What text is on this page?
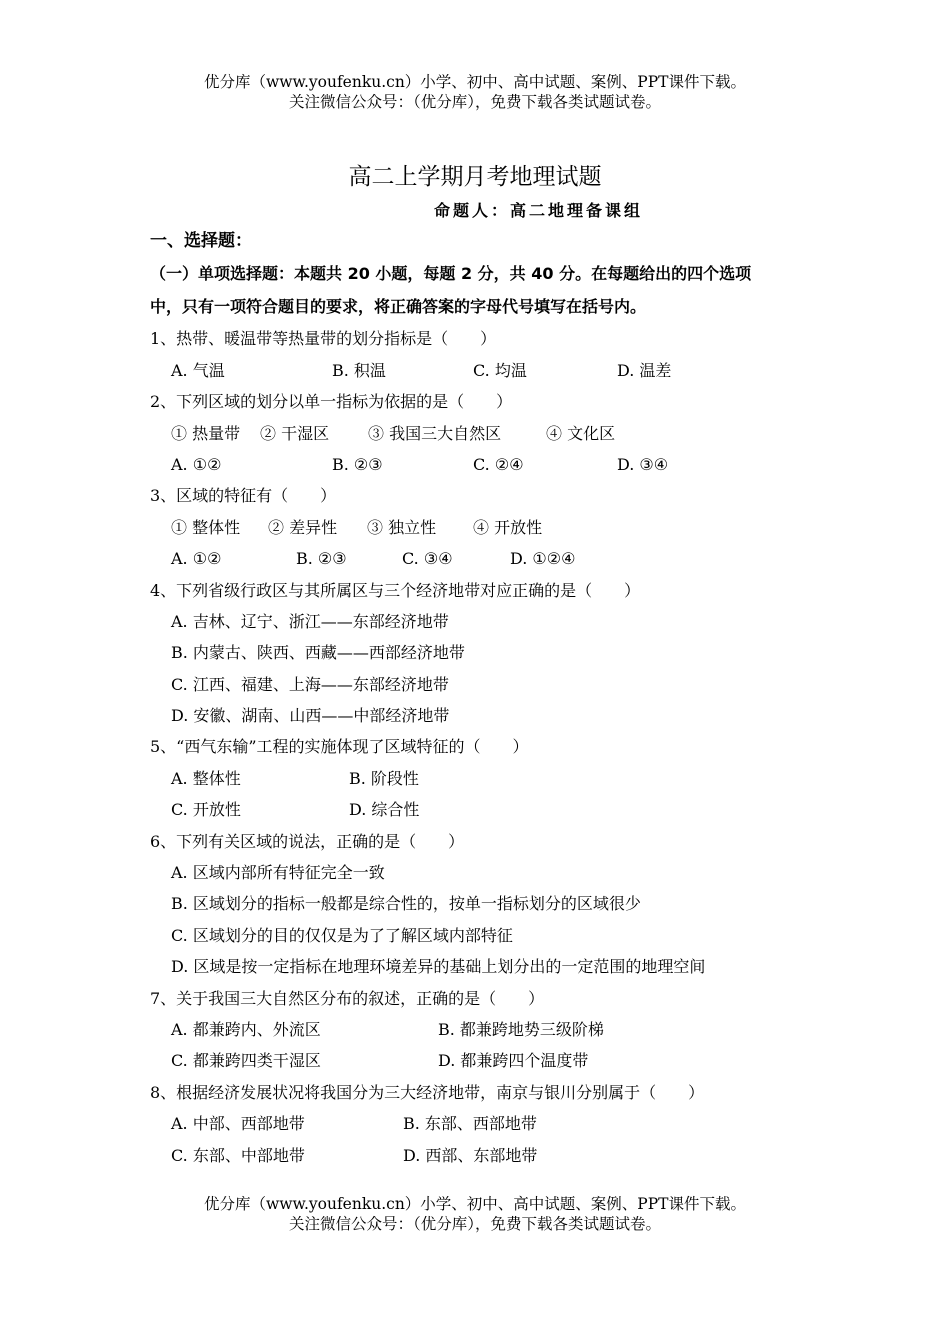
优分库（www.youfenku.cn）小学、初中、高中试题、案例、PPT课件下载。
关注微信公众号：（优分库），免费下载各类试题试卷。
高二上学期月考地理试题
命题人：高二地理备课组
一、选择题：
（一）单项选择题：本题共 20 小题，每题 2 分，共 40 分。在每题给出的四个选项
中，只有一项符合题目的要求，将正确答案的字母代号填写在括号内。
1、热带、暖温带等热量带的划分指标是（　　）
A. 气温	B. 积温	C. 均温	D. 温差
2、下列区域的划分以单一指标为依据的是（　　）
① 热量带 ② 干湿区 ③ 我国三大自然区	④ 文化区
A. ①②	B. ②③	C. ②④	D. ③④
3、区域的特征有（　　）
① 整体性 ② 差异性 ③ 独立性 ④ 开放性
A. ①②	B. ②③	C. ③④	D. ①②④
4、下列省级行政区与其所属区与三个经济地带对应正确的是（　　）
A. 吉林、辽宁、浙江——东部经济地带
B. 内蒙古、陕西、西藏——西部经济地带
C. 江西、福建、上海——东部经济地带
D. 安徽、湖南、山西——中部经济地带
5、“西气东输”工程的实施体现了区域特征的（　　）
A. 整体性	B. 阶段性
C. 开放性	D. 综合性
6、下列有关区域的说法，正确的是（　　）
A. 区域内部所有特征完全一致
B. 区域划分的指标一般都是综合性的，按单一指标划分的区域很少
C. 区域划分的目的仅仅是为了了解区域内部特征
D. 区域是按一定指标在地理环境差异的基础上划分出的一定范围的地理空间
7、关于我国三大自然区分布的叙述，正确的是（　　）
A. 都兼跨内、外流区	B. 都兼跨地势三级阶梯
C. 都兼跨四类干湿区	D. 都兼跨四个温度带
8、根据经济发展状况将我国分为三大经济地带，南京与银川分别属于（　　）
A. 中部、西部地带	B. 东部、西部地带
C. 东部、中部地带	D. 西部、东部地带
优分库（www.youfenku.cn）小学、初中、高中试题、案例、PPT课件下载。
关注微信公众号：（优分库），免费下载各类试题试卷。
